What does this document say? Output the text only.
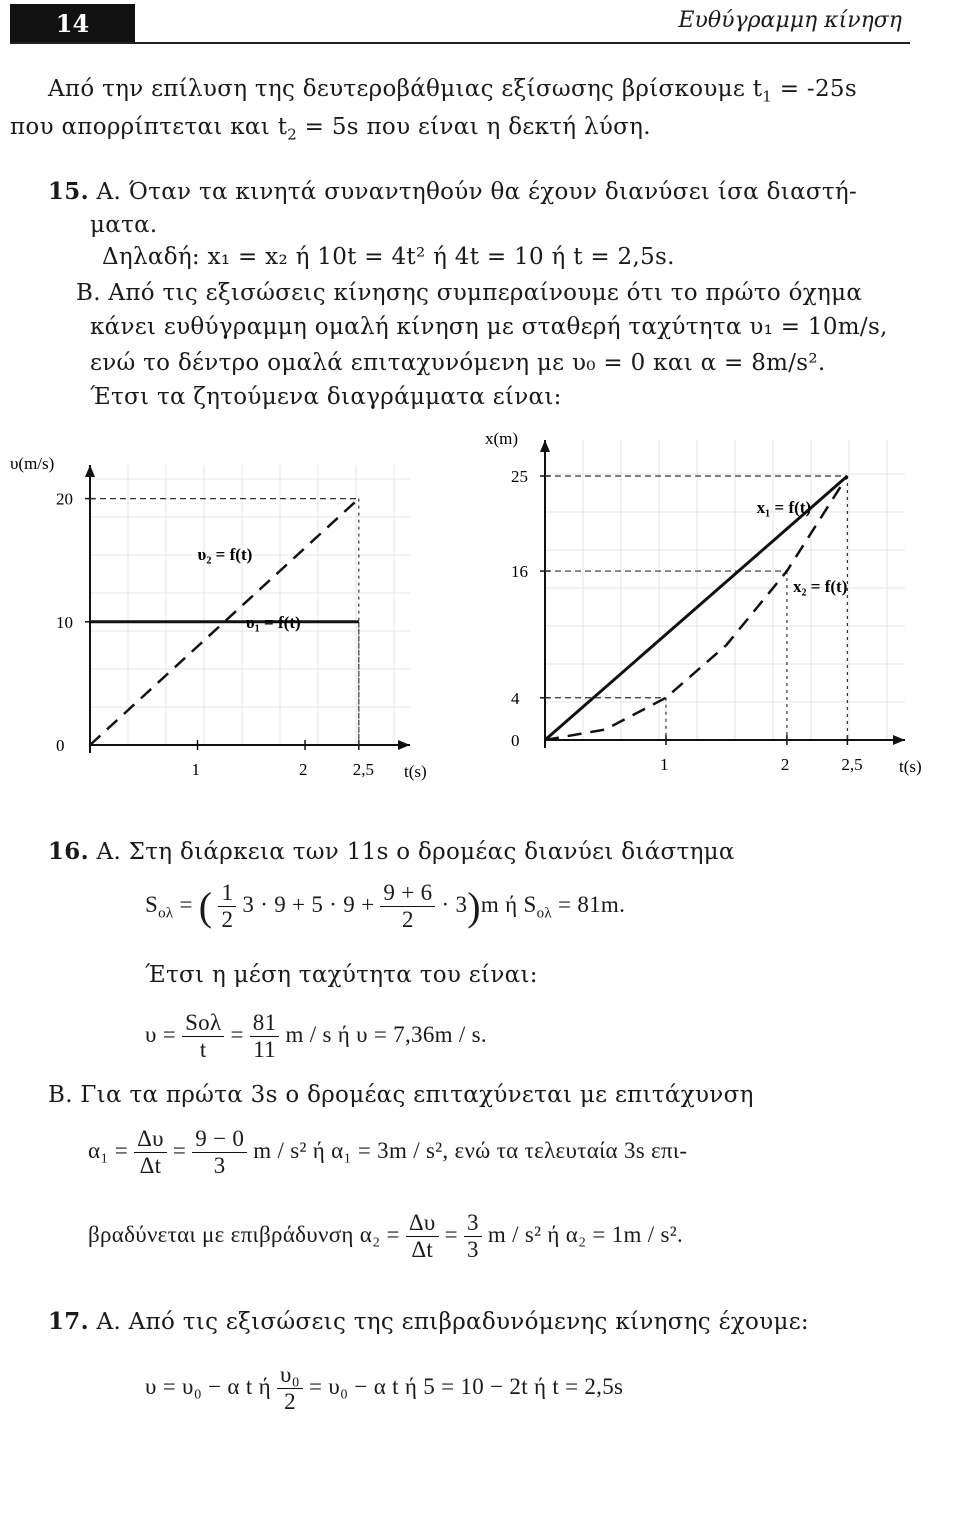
14	Ευθύγραμμη κίνηση
Από την επίλυση της δευτεροβάθμιας εξίσωσης βρίσκουμε $t_1 = -25s$
που απορρίπτεται και $t_2 = 5s$ που είναι η δεκτή λύση.
15. Α. Όταν τα κινητά συναντηθούν θα έχουν διανύσει ίσα διαστή-
ματα.
Δηλαδή: x₁ = x₂ ή 10t = 4t² ή 4t = 10 ή t = 2,5s.
Β. Από τις εξισώσεις κίνησης συμπεραίνουμε ότι το πρώτο όχημα
κάνει ευθύγραμμη ομαλή κίνηση με σταθερή ταχύτητα υ₁ = 10m/s,
ενώ το δέντρο ομαλά επιταχυνόμενη με υ₀ = 0 και α = 8m/s².
Έτσι τα ζητούμενα διαγράμματα είναι:
υ(m/s)
t(s)
1	2	2,5
0
10
20
υ₁ = f(t)
υ₂ = f(t)
x(m)
t(s)
1	2	2,5
0
4
16
25
x₁ = f(t)
x₂ = f(t)
16. Α. Στη διάρκεια των 11s ο δρομέας διανύει διάστημα
$S_{o\lambda}$ = ( $\frac{1}{2} 3 \cdot 9 + 5 \cdot 9 + \frac{9 + 6}{2} \cdot 3)m$ ή $S_{o\lambda} = 81m$.
Έτσι η μέση ταχύτητα του είναι:
$\upsilon = \frac{\text{Sολ}}{t} = \frac{81}{11}$ m / s ή υ = 7,36m / s.
Β. Για τα πρώτα 3s ο δρομέας επιταχύνεται με επιτάχυνση
$\alpha_1 = \frac{\Delta\upsilon}{\Delta t} = \frac{9 - 0}{3}$ m / s² ή α₁ = 3m / s², ενώ τα τελευταία 3s επι-
βραδύνεται με επιβράδυνση $\alpha_2 = \frac{\Delta\upsilon}{\Delta t} = \frac{3}{3}$ m / s² ή α₂ = 1m / s².
17. Α. Από τις εξισώσεις της επιβραδυνόμενης κίνησης έχουμε:
υ = υ₀ − α t ή $\frac{\text{υ₀}}{2} = \upsilon_0 - \alpha$ t ή 5 = 10 − 2t ή t = 2,5s
